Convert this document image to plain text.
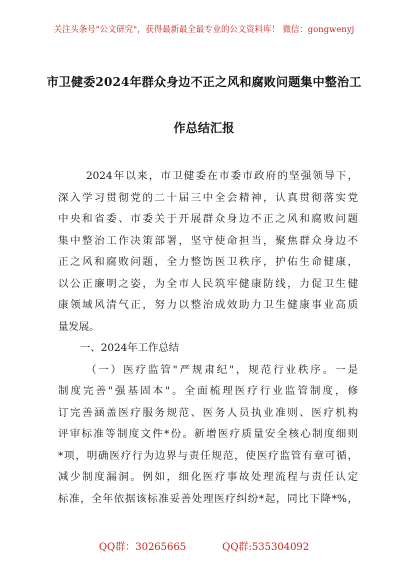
关注头条号"公文研究"，获得最新最全最专业的公文资料库！ 微信：gongwenyj
市卫健委2024年群众身边不正之风和腐败问题集中整治工
作总结汇报
2024年以来，市卫健委在市委市政府的坚强领导下，
深入学习贯彻党的二十届三中全会精神，认真贯彻落实党
中央和省委、市委关于开展群众身边不正之风和腐败问题
集中整治工作决策部署，坚守使命担当，聚焦群众身边不
正之风和腐败问题，全力整饬医卫秩序，护佑生命健康，
以公正廉明之姿，为全市人民筑牢健康防线，力促卫生健
康领域风清气正，努力以整治成效助力卫生健康事业高质
量发展。
一、2024年工作总结
（一）医疗监管"严规肃纪"，规范行业秩序。一是
制度完善"强基固本"。全面梳理医疗行业监管制度，修
订完善涵盖医疗服务规范、医务人员执业准则、医疗机构
评审标准等制度文件*份。新增医疗质量安全核心制度细则
*项，明确医疗行为边界与责任规范，使医疗监管有章可循，
减少制度漏洞。例如，细化医疗事故处理流程与责任认定
标准，全年依据该标准妥善处理医疗纠纷*起，同比下降*%，
QQ群：30265665	QQ群:535304092
